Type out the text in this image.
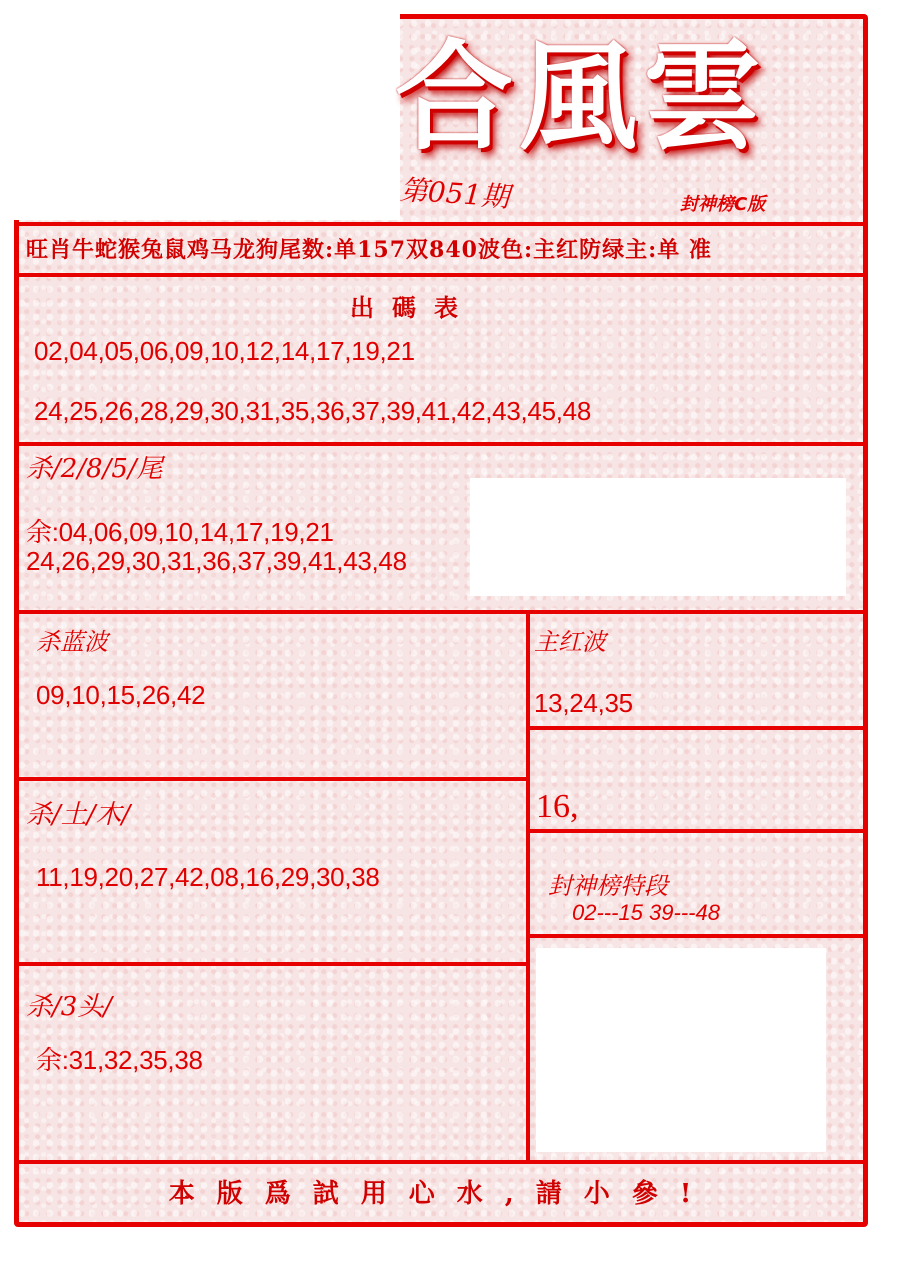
合風雲
第051期	封神榜C版
旺肖牛蛇猴兔鼠鸡马龙狗尾数:单157双840波色:主红防绿主:单 准
出碼表
02,04,05,06,09,10,12,14,17,19,21
24,25,26,28,29,30,31,35,36,37,39,41,42,43,45,48
杀/2/8/5/尾
余:04,06,09,10,14,17,19,21
24,26,29,30,31,36,37,39,41,43,48
杀蓝波
09,10,15,26,42
主红波
13,24,35
16,
杀/土/木/
11,19,20,27,42,08,16,29,30,38	封神榜特段
02---15 39---48
杀/3头/
余:31,32,35,38
本版爲試用心水,請小參!
